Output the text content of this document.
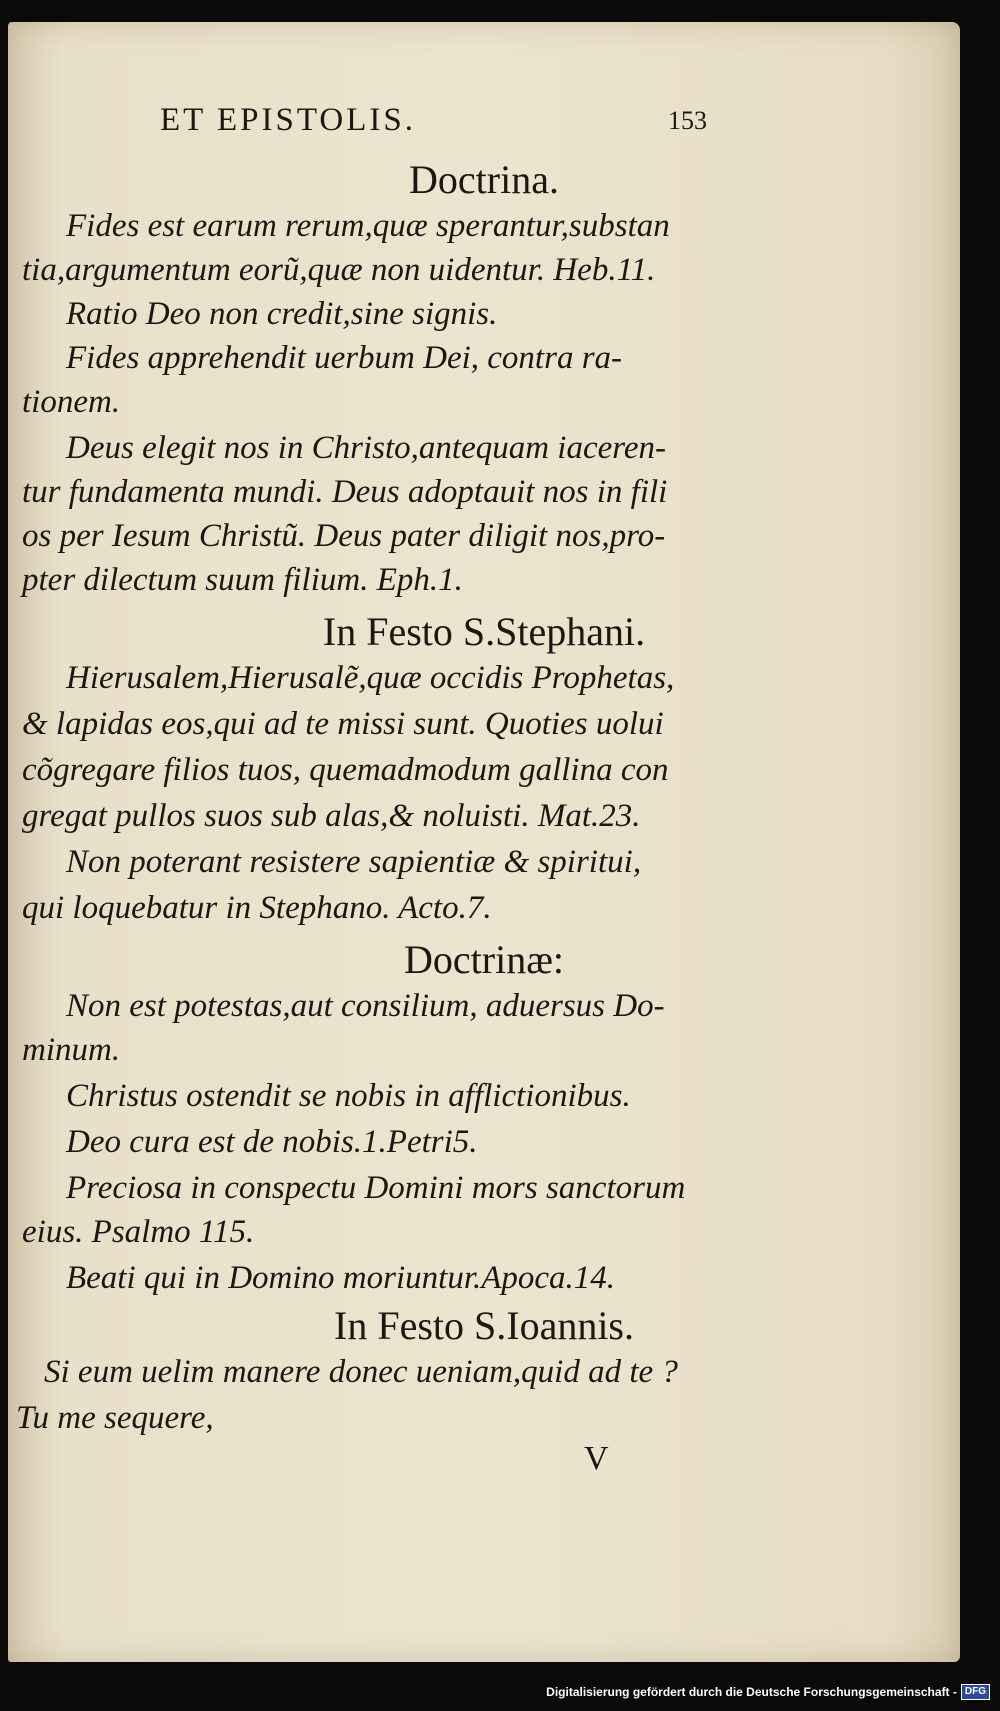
ET EPISTOLIS.	153
Doctrina.
Fides est earum rerum,quæ sperantur,substan
tia,argumentum eorũ,quæ non uidentur. Heb.11.
Ratio Deo non credit,sine signis.
Fides apprehendit uerbum Dei, contra ra-
tionem.
Deus elegit nos in Christo,antequam iaceren-
tur fundamenta mundi. Deus adoptauit nos in fili
os per Iesum Christũ. Deus pater diligit nos,pro-
pter dilectum suum filium. Eph.1.
In Festo S.Stephani.
Hierusalem,Hierusalẽ,quæ occidis Prophetas,
& lapidas eos,qui ad te missi sunt. Quoties uolui
cõgregare filios tuos, quemadmodum gallina con
gregat pullos suos sub alas,& noluisti. Mat.23.
Non poterant resistere sapientiæ & spiritui,
qui loquebatur in Stephano. Acto.7.
Doctrinæ:
Non est potestas,aut consilium, aduersus Do-
minum.
Christus ostendit se nobis in afflictionibus.
Deo cura est de nobis.1.Petri5.
Preciosa in conspectu Domini mors sanctorum
eius. Psalmo 115.
Beati qui in Domino moriuntur.Apoca.14.
In Festo S.Ioannis.
Si eum uelim manere donec ueniam,quid ad te ?
Tu me sequere,
V
Digitalisierung gefördert durch die Deutsche Forschungsgemeinschaft - DFG
